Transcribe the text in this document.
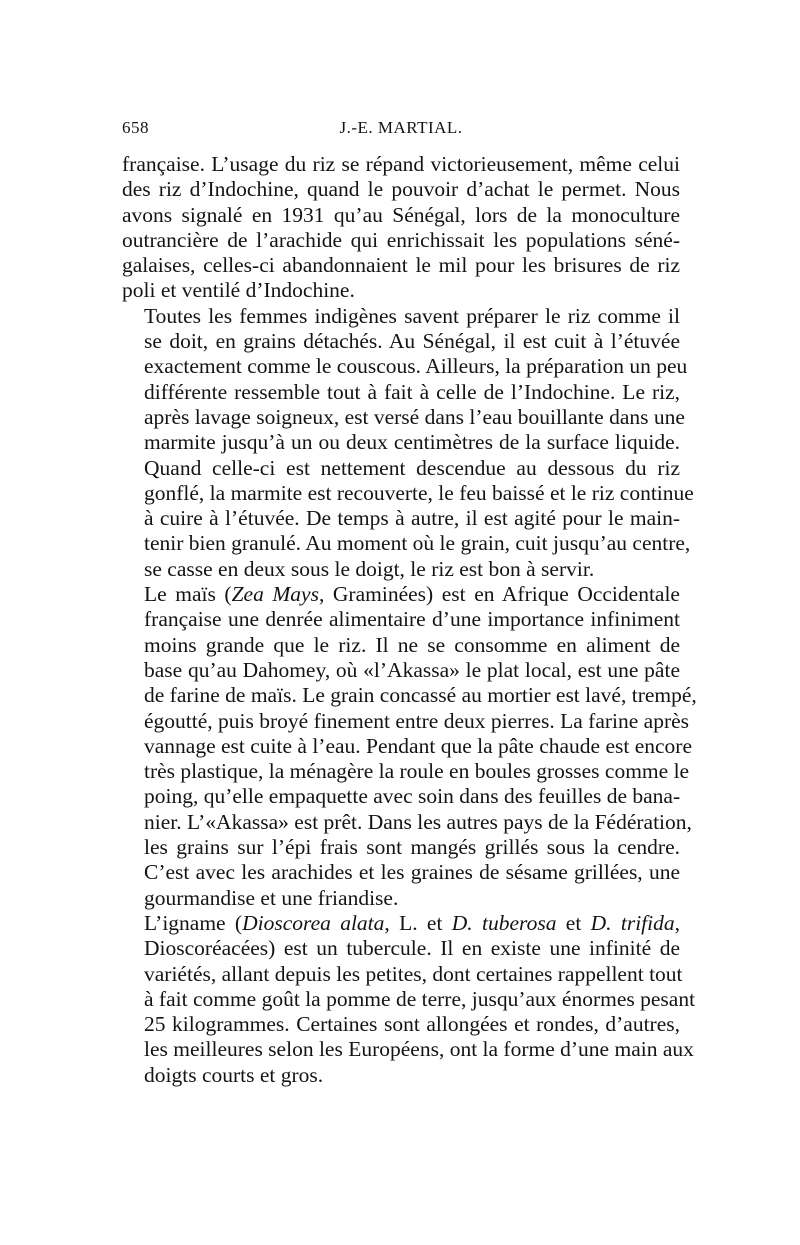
658	J.-E. MARTIAL.

française. L’usage du riz se répand victorieusement, même celui
des riz d’Indochine, quand le pouvoir d’achat le permet. Nous
avons signalé en 1931 qu’au Sénégal, lors de la monoculture
outrancière de l’arachide qui enrichissait les populations séné-
galaises, celles-ci abandonnaient le mil pour les brisures de riz
poli et ventilé d’Indochine.

Toutes les femmes indigènes savent préparer le riz comme il
se doit, en grains détachés. Au Sénégal, il est cuit à l’étuvée
exactement comme le couscous. Ailleurs, la préparation un peu
différente ressemble tout à fait à celle de l’Indochine. Le riz,
après lavage soigneux, est versé dans l’eau bouillante dans une
marmite jusqu’à un ou deux centimètres de la surface liquide.
Quand celle-ci est nettement descendue au dessous du riz
gonflé, la marmite est recouverte, le feu baissé et le riz continue
à cuire à l’étuvée. De temps à autre, il est agité pour le main-
tenir bien granulé. Au moment où le grain, cuit jusqu’au centre,
se casse en deux sous le doigt, le riz est bon à servir.

Le maïs (Zea Mays, Graminées) est en Afrique Occidentale
française une denrée alimentaire d’une importance infiniment
moins grande que le riz. Il ne se consomme en aliment de
base qu’au Dahomey, où «l’Akassa» le plat local, est une pâte
de farine de maïs. Le grain concassé au mortier est lavé, trempé,
égoutté, puis broyé finement entre deux pierres. La farine après
vannage est cuite à l’eau. Pendant que la pâte chaude est encore
très plastique, la ménagère la roule en boules grosses comme le
poing, qu’elle empaquette avec soin dans des feuilles de bana-
nier. L’«Akassa» est prêt. Dans les autres pays de la Fédération,
les grains sur l’épi frais sont mangés grillés sous la cendre.
C’est avec les arachides et les graines de sésame grillées, une
gourmandise et une friandise.

L’igname (Dioscorea alata, L. et D. tuberosa et D. trifida,
Dioscoréacées) est un tubercule. Il en existe une infinité de
variétés, allant depuis les petites, dont certaines rappellent tout
à fait comme goût la pomme de terre, jusqu’aux énormes pesant
25 kilogrammes. Certaines sont allongées et rondes, d’autres,
les meilleures selon les Européens, ont la forme d’une main aux
doigts courts et gros.
